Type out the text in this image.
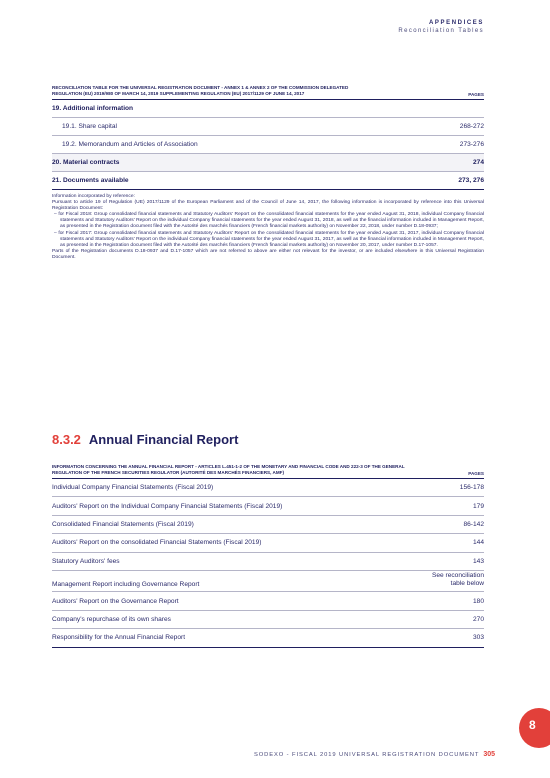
APPENDICES
Reconciliation Tables
RECONCILIATION TABLE FOR THE UNIVERSAL REGISTRATION DOCUMENT - ANNEX 1 & ANNEX 2 OF THE COMMISSION DELEGATED
REGULATION (EU) 2019/980 OF MARCH 14, 2019 SUPPLEMENTING REGULATION (EU) 2017/1129 OF JUNE 14, 2017	PAGES
19. Additional information	
19.1. Share capital	268-272
19.2. Memorandum and Articles of Association	273-276
20. Material contracts	274
21. Documents available	273, 276
Information incorporated by reference:
Pursuant to article 19 of Regulation (UE) 2017/1129 of the European Parliament and of the Council of June 14, 2017, the following information is incorporated by reference into this Universal Registration Document:
– for Fiscal 2018: Group consolidated financial statements and Statutory Auditors' Report on the consolidated financial statements for the year ended August 31, 2018, individual Company financial statements and Statutory Auditors' Report on the individual Company financial statements for the year ended August 31, 2018, as well as the financial information included in Management Report, as presented in the Registration document filed with the Autorité des marchés financiers (French financial markets authority) on November 22, 2018, under number D.18-0937;
– for Fiscal 2017: Group consolidated financial statements and Statutory Auditors' Report on the consolidated financial statements for the year ended August 31, 2017, individual Company financial statements and Statutory Auditors' Report on the individual Company financial statements for the year ended August 31, 2017, as well as the financial information included in Management Report, as presented in the Registration document filed with the Autorité des marchés financiers (French financial markets authority) on November 20, 2017, under number D.17-1057.
Parts of the Registration documents D.18-0937 and D.17-1057 which are not referred to above are either not relevant for the investor, or are included elsewhere in this Universal Registration Document.
8.3.2 Annual Financial Report
INFORMATION CONCERNING THE ANNUAL FINANCIAL REPORT - ARTICLES L.451-1-2 OF THE MONETARY AND FINANCIAL CODE AND 222-3 OF THE GENERAL
REGULATION OF THE FRENCH SECURITIES REGULATOR (AUTORITÉ DES MARCHÉS FINANCIERS, AMF)	PAGES
Individual Company Financial Statements (Fiscal 2019)	156-178
Auditors' Report on the Individual Company Financial Statements (Fiscal 2019)	179
Consolidated Financial Statements (Fiscal 2019)	86-142
Auditors' Report on the consolidated Financial Statements (Fiscal 2019)	144
Statutory Auditors' fees	143
Management Report including Governance Report	See reconciliation
table below

Auditors' Report on the Governance Report	180
Company's repurchase of its own shares	270
Responsibility for the Annual Financial Report	303
8
SODEXO - FISCAL 2019 UNIVERSAL REGISTRATION DOCUMENT 305
